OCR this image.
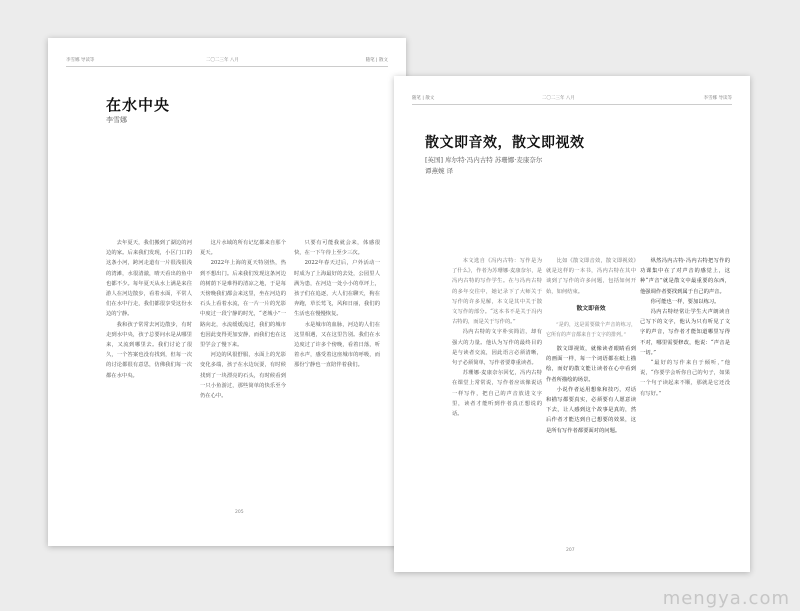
李雪娜 导读等	二〇二三年 八月	随笔 | 散文
在水中央
李雪娜

去年夏天，我们搬到了湖边的河边的家。后来我们发现，小区门口的这条小河，跨河走道有一片很浅很浅的湾滩，水很清澈，晴天看出的鱼中也都不少。每年夏天从水上满是来往游人在河边散步，看着水面，平常人们在水中行走，我们都很享受这份水边的宁静。

我和孩子常常去河边散步，有时走到水中央，孩子总要问水是从哪里来，又流到哪里去。我们讨论了很久，一个答案也没有找到，但每一次的讨论都很有意思，仿佛我们每一次都在水中央。

这片水域的所有记忆都来自那个夏天。

2022年上海的夏天特别热，热到不想出门。后来我们发现这条河边的树荫下是难得的清凉之地，于是每天傍晚我们都会来这里，坐在河边的石头上看着水流，在一片一片的光影中度过一段宁静的时光，“老城小”一路向北，水流缓缓流过，我们的城市也因此变得更加安静，而我们也在这里学会了慢下来。

河边的风很舒服，水面上的光影变化多端，孩子在水边玩耍，有时候找到了一块漂亮的石头，有时候看到一只小鱼游过，那些简单的快乐至今仍在心中。

只要有可能我就会来，体感很快，在一下午待上至少三次。

2022年春天过后，户外活动一时成为了上海最好的去处，公园里人满为患，在河边一处小小的草坪上，孩子们在追逐，大人们在聊天，狗在奔跑，草长莺飞，风和日丽，我们的生活也在慢慢恢复。

水是城市的血脉，河边的人们在这里相遇，又在这里告别。我们在水边度过了许多个傍晚，看着日落，听着水声，感受着这座城市的呼吸，而那份宁静也一直陪伴着我们。

205
随笔 | 散文	二〇二三年 八月	李雪娜 导读等
散文即音效，散文即视效
[英国] 库尔特·冯内古特 苏珊娜·麦康奈尔
谭燕婉 译

本文选自《冯内古特：写作是为了什么》，作者为苏珊娜·麦康奈尔，是冯内古特的写作学生。在与冯内古特的多年交往中，她记录下了大师关于写作的许多见解，本文是其中关于散文写作的部分。“这本书不是关于冯内古特的，而是关于写作的。”

冯内古特的文字朴实简洁，却有强大的力量。他认为写作的最终目的是与读者交流，因此语言必须清晰，句子必须简单，写作者要尊重读者。

苏珊娜·麦康奈尔回忆，冯内古特在课堂上常常说，写作者应该像说话一样写作，把自己的声音放进文字里，读者才能听到作者真正想说的话。

比如《散文即音效，散文即视效》就是这样的一本书，冯内古特在其中谈到了写作的许多问题，包括如何开始，如何结束。

散文即音效

“是的，这是需要做个声音的练习，它所有的声音都来自于文字的排列。”

散文即视效，就像读者眼睛看到的画面一样，每一个词语都在纸上描绘，而好的散文能让读者在心中看到作者所描绘的场景。

小说作者运用想象和技巧，对话和描写都要真实，必须要有人愿意读下去，让人感到这个故事是真的，然后作者才能达到自己想要的效果，这是所有写作者都要面对的问题。

纵然冯内古特·冯内古特把写作的功课集中在了对声音的感觉上，这种“声音”就是散文中最重要的东西，他强调作者要找到属于自己的声音。

你可能也一样，要加以练习。

冯内古特经常让学生大声朗读自己写下的文字，他认为只有听见了文字的声音，写作者才能知道哪里写得不对，哪里需要修改，他说：“声音是一切。”

“最好的写作来自于倾听，”他说，“你要学会听你自己的句子，如果一个句子读起来不顺，那就是它还没有写好。”

207
mengya.com
